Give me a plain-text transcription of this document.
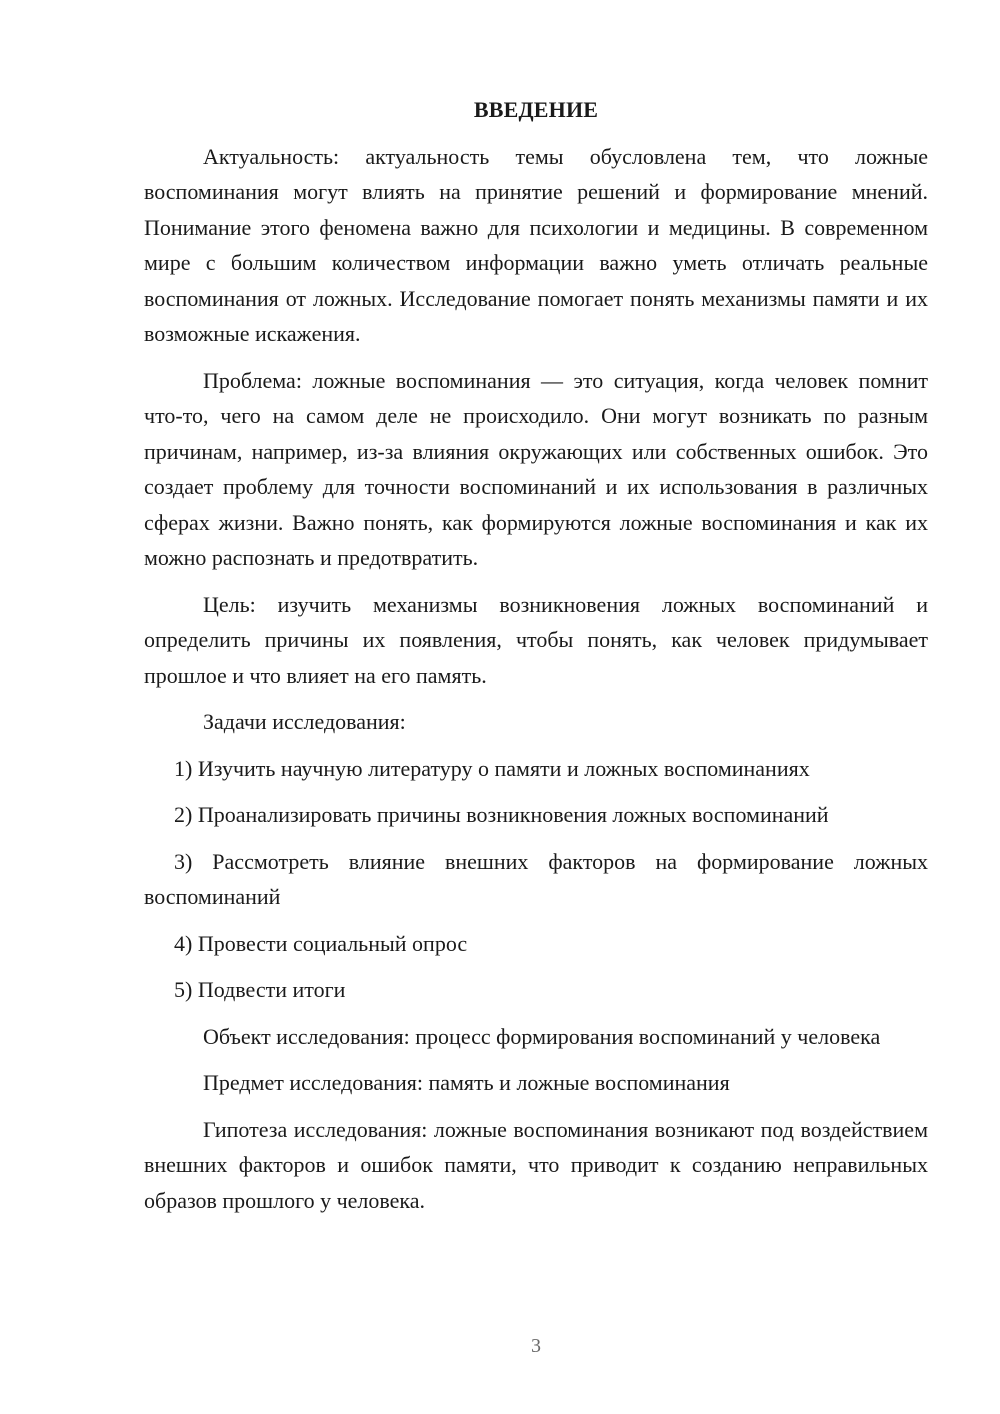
ВВЕДЕНИЕ

Актуальность: актуальность темы обусловлена тем, что ложные воспоминания могут влиять на принятие решений и формирование мнений. Понимание этого феномена важно для психологии и медицины. В современном мире с большим количеством информации важно уметь отличать реальные воспоминания от ложных. Исследование помогает понять механизмы памяти и их возможные искажения.

Проблема: ложные воспоминания — это ситуация, когда человек помнит что-то, чего на самом деле не происходило. Они могут возникать по разным причинам, например, из-за влияния окружающих или собственных ошибок. Это создает проблему для точности воспоминаний и их использования в различных сферах жизни. Важно понять, как формируются ложные воспоминания и как их можно распознать и предотвратить.

Цель: изучить механизмы возникновения ложных воспоминаний и определить причины их появления, чтобы понять, как человек придумывает прошлое и что влияет на его память.

Задачи исследования:

1) Изучить научную литературу о памяти и ложных воспоминаниях

2) Проанализировать причины возникновения ложных воспоминаний

3) Рассмотреть влияние внешних факторов на формирование ложных воспоминаний

4) Провести социальный опрос

5) Подвести итоги

Объект исследования: процесс формирования воспоминаний у человека

Предмет исследования: память и ложные воспоминания

Гипотеза исследования: ложные воспоминания возникают под воздействием внешних факторов и ошибок памяти, что приводит к созданию неправильных образов прошлого у человека.

3
